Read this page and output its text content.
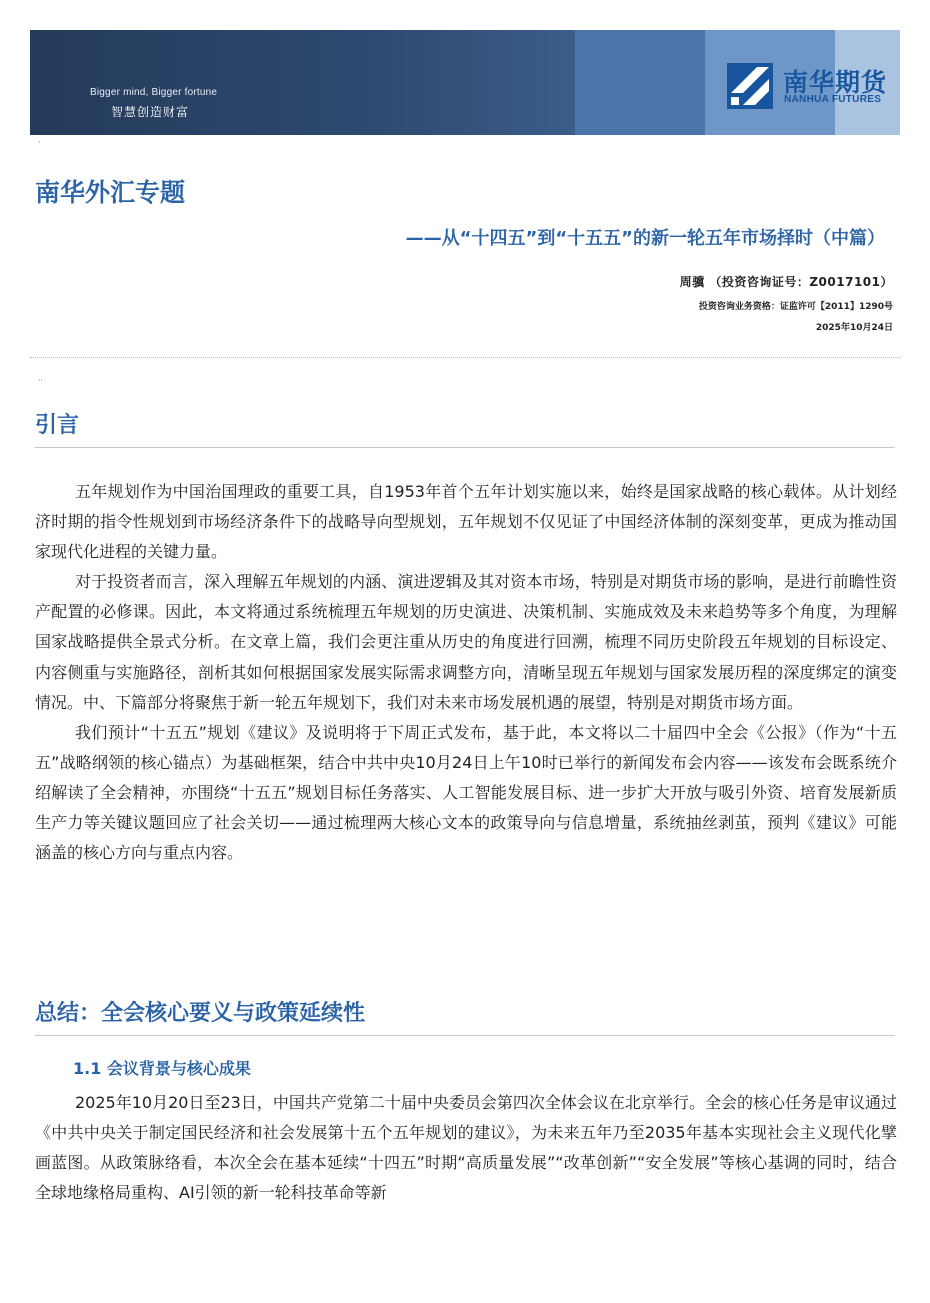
Bigger mind, Bigger fortune
智慧创造财富
南华期货
NANHUA FUTURES
·
南华外汇专题
——从“十四五”到“十五五”的新一轮五年市场择时（中篇）
周骥 （投资咨询证号：Z0017101）
投资咨询业务资格：证监许可【2011】1290号
2025年10月24日
··
引言

五年规划作为中国治国理政的重要工具，自1953年首个五年计划实施以来，始终是国家战略的核心载体。从计划经济时期的指令性规划到市场经济条件下的战略导向型规划，五年规划不仅见证了中国经济体制的深刻变革，更成为推动国家现代化进程的关键力量。

对于投资者而言，深入理解五年规划的内涵、演进逻辑及其对资本市场，特别是对期货市场的影响，是进行前瞻性资产配置的必修课。因此，本文将通过系统梳理五年规划的历史演进、决策机制、实施成效及未来趋势等多个角度，为理解国家战略提供全景式分析。在文章上篇，我们会更注重从历史的角度进行回溯，梳理不同历史阶段五年规划的目标设定、内容侧重与实施路径，剖析其如何根据国家发展实际需求调整方向，清晰呈现五年规划与国家发展历程的深度绑定的演变情况。中、下篇部分将聚焦于新一轮五年规划下，我们对未来市场发展机遇的展望，特别是对期货市场方面。

我们预计“十五五”规划《建议》及说明将于下周正式发布，基于此，本文将以二十届四中全会《公报》（作为“十五五”战略纲领的核心锚点）为基础框架，结合中共中央10月24日上午10时已举行的新闻发布会内容——该发布会既系统介绍解读了全会精神，亦围绕“十五五”规划目标任务落实、人工智能发展目标、进一步扩大开放与吸引外资、培育发展新质生产力等关键议题回应了社会关切——通过梳理两大核心文本的政策导向与信息增量，系统抽丝剥茧，预判《建议》可能涵盖的核心方向与重点内容。

总结：全会核心要义与政策延续性
1.1 会议背景与核心成果

2025年10月20日至23日，中国共产党第二十届中央委员会第四次全体会议在北京举行。全会的核心任务是审议通过《中共中央关于制定国民经济和社会发展第十五个五年规划的建议》，为未来五年乃至2035年基本实现社会主义现代化擘画蓝图。从政策脉络看，本次全会在基本延续“十四五”时期“高质量发展”“改革创新”“安全发展”等核心基调的同时，结合全球地缘格局重构、AI引领的新一轮科技革命等新
